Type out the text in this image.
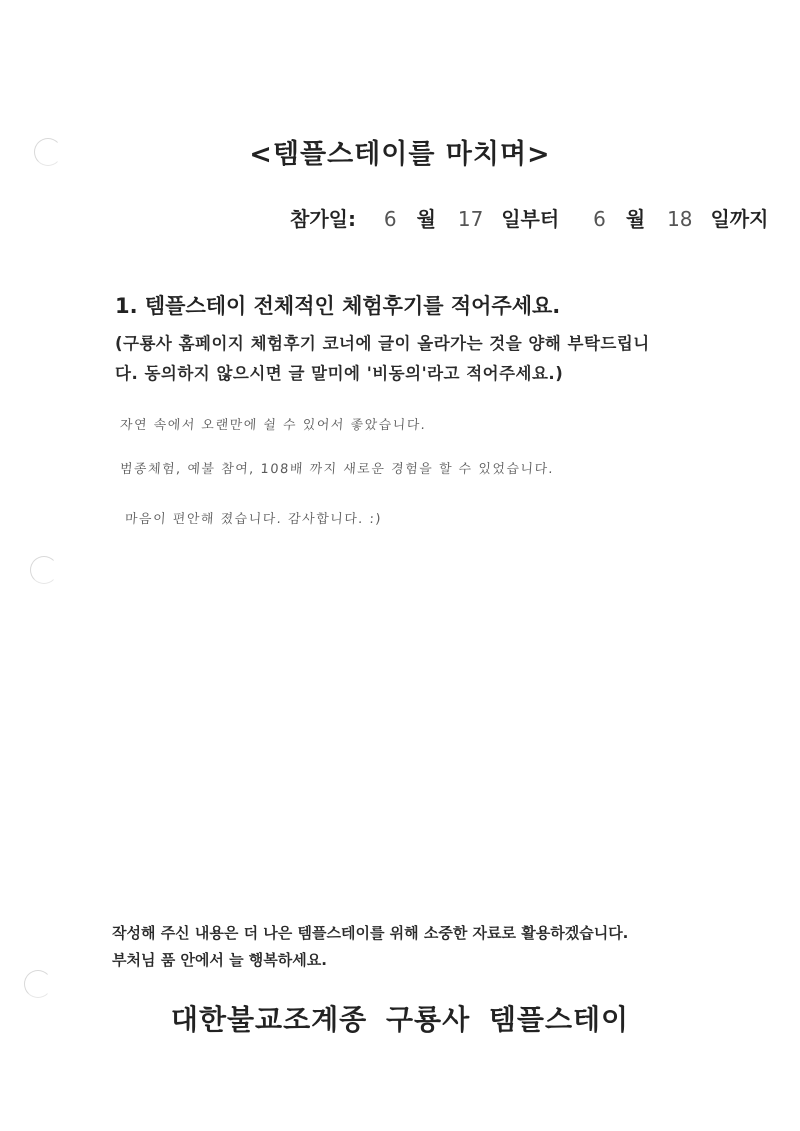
<템플스테이를 마치며>
참가일: 6 월 17 일부터 6 월 18 일까지
1. 템플스테이 전체적인 체험후기를 적어주세요.
(구룡사 홈페이지 체험후기 코너에 글이 올라가는 것을 양해 부탁드립니
다. 동의하지 않으시면 글 말미에 '비동의'라고 적어주세요.)
자연 속에서 오랜만에 쉴 수 있어서 좋았습니다.
범종체험, 예불 참여, 108배 까지 새로운 경험을 할 수 있었습니다.
마음이 편안해 졌습니다. 감사합니다. :)
작성해 주신 내용은 더 나은 템플스테이를 위해 소중한 자료로 활용하겠습니다.
부처님 품 안에서 늘 행복하세요.
대한불교조계종 구룡사 템플스테이
